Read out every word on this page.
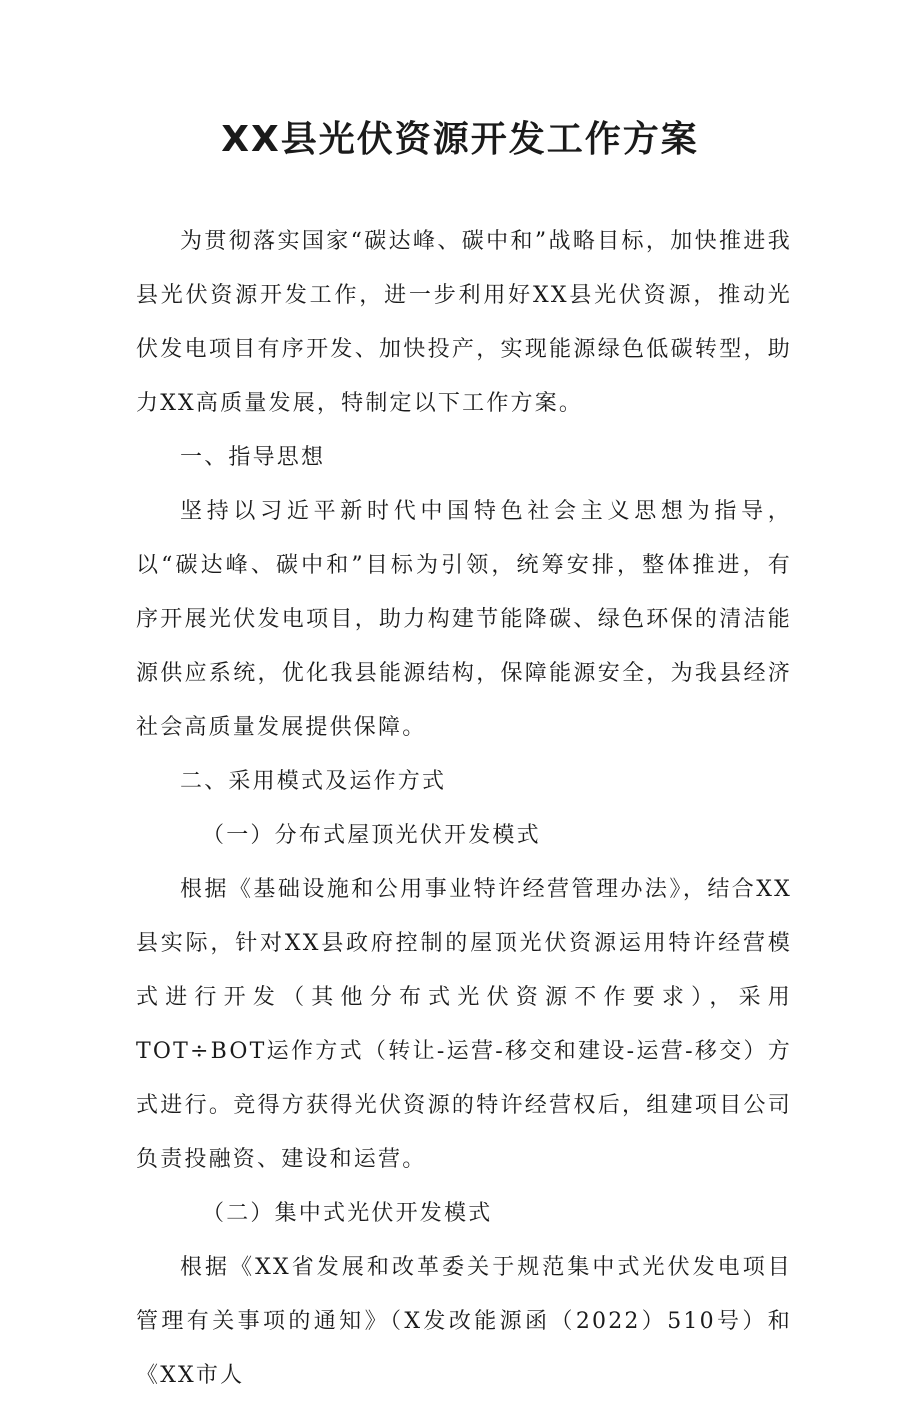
XX县光伏资源开发工作方案

为贯彻落实国家“碳达峰、碳中和”战略目标，加快推进我县光伏资源开发工作，进一步利用好XX县光伏资源，推动光伏发电项目有序开发、加快投产，实现能源绿色低碳转型，助力XX高质量发展，特制定以下工作方案。

一、指导思想

坚持以习近平新时代中国特色社会主义思想为指导，以“碳达峰、碳中和”目标为引领，统筹安排，整体推进，有序开展光伏发电项目，助力构建节能降碳、绿色环保的清洁能源供应系统，优化我县能源结构，保障能源安全，为我县经济社会高质量发展提供保障。

二、采用模式及运作方式

（一）分布式屋顶光伏开发模式

根据《基础设施和公用事业特许经营管理办法》，结合XX县实际，针对XX县政府控制的屋顶光伏资源运用特许经营模式进行开发（其他分布式光伏资源不作要求），采用TOT÷BOT运作方式（转让-运营-移交和建设-运营-移交）方式进行。竞得方获得光伏资源的特许经营权后，组建项目公司负责投融资、建设和运营。

（二）集中式光伏开发模式

根据《XX省发展和改革委关于规范集中式光伏发电项目管理有关事项的通知》（X发改能源函（2022）510号）和《XX市人
